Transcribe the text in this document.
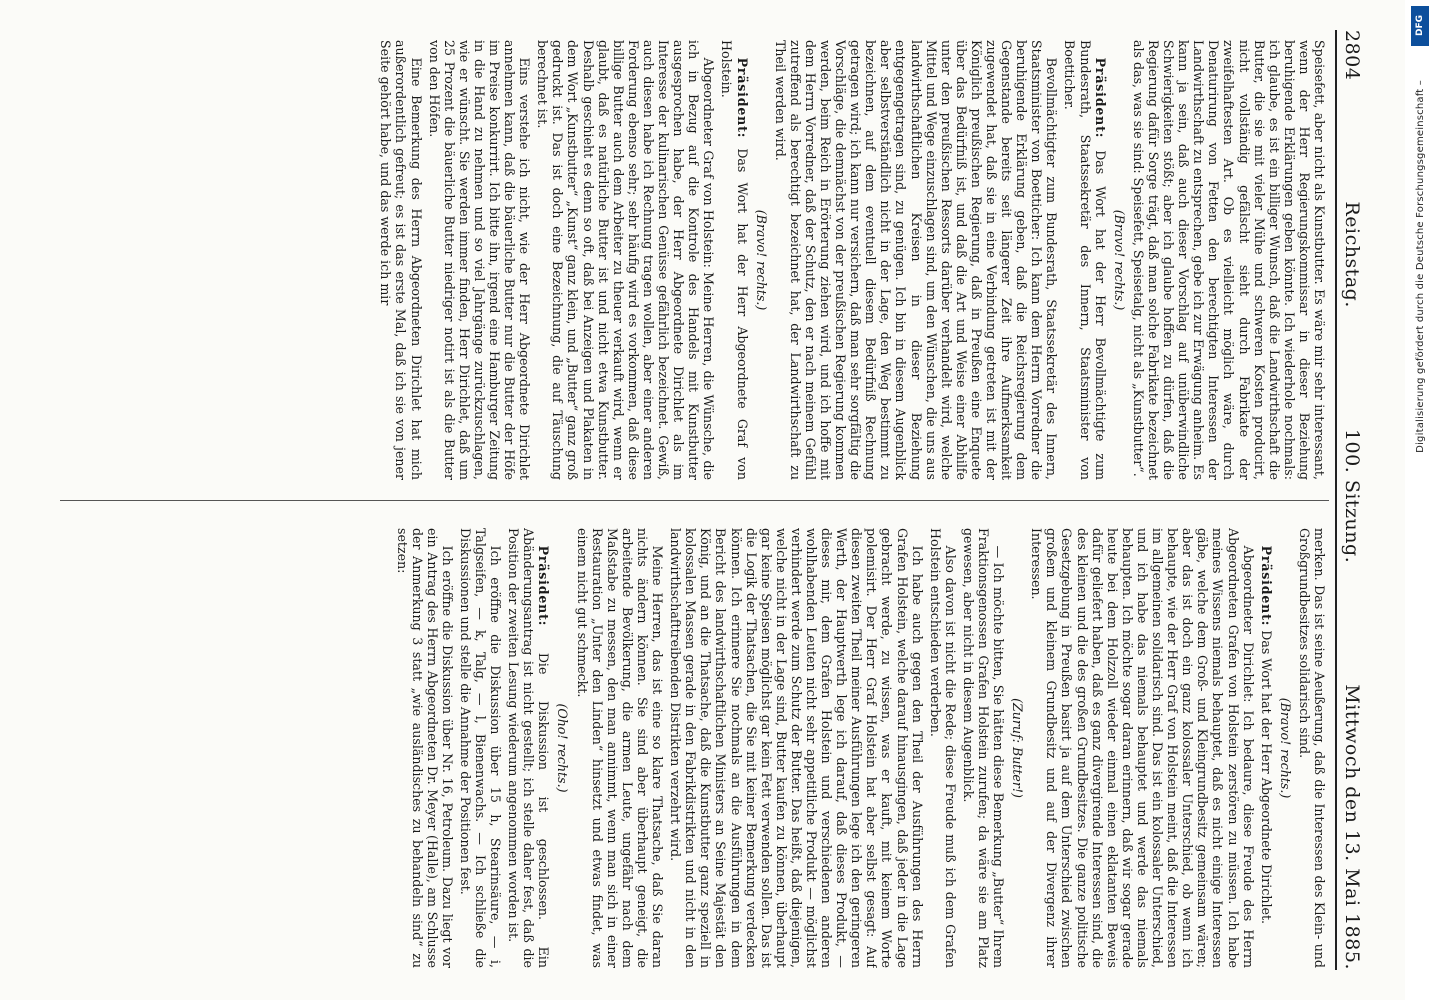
2804
Reichstag.
100. Sitzung.
Mittwoch den 13. Mai 1885.

Speisefett, aber nicht als Kunstbutter. Es wäre mir sehr interessant, wenn der Herr Regierungskommissar in dieser Beziehung beruhigende Erklärungen geben könnte. Ich wiederhole nochmals: ich glaube, es ist ein billiger Wunsch, daß die Landwirthschaft die Butter, die sie mit vieler Mühe und schweren Kosten producirt, nicht vollständig gefälscht sieht durch Fabrikate der zweifelhaftesten Art. Ob es vielleicht möglich wäre, durch Denaturirung von Fetten den berechtigten Interessen der Landwirthschaft zu entsprechen, gebe ich zur Erwägung anheim. Es kann ja sein, daß auch dieser Vorschlag auf unüberwindliche Schwierigkeiten stößt; aber ich glaube hoffen zu dürfen, daß die Regierung dafür Sorge trägt, daß man solche Fabrikate bezeichnet als das, was sie sind: Speisefett, Speisetalg, nicht als „Kunstbutter“.

(Bravo! rechts.)

Präsident: Das Wort hat der Herr Bevollmächtigte zum Bundesrath, Staatssekretär des Innern, Staatsminister von Boetticher.

Bevollmächtigter zum Bundesrath, Staatssekretär des Innern, Staatsminister von Boetticher: Ich kann dem Herrn Vorredner die beruhigende Erklärung geben, daß die Reichsregierung dem Gegenstande bereits seit längerer Zeit ihre Aufmerksamkeit zugewendet hat, daß sie in eine Verbindung getreten ist mit der Königlich preußischen Regierung, daß in Preußen eine Enquete über das Bedürfniß ist, und daß die Art und Weise einer Abhilfe unter den preußischen Ressorts darüber verhandelt wird, welche Mittel und Wege einzuschlagen sind, um den Wünschen, die uns aus landwirthschaftlichen Kreisen in dieser Beziehung entgegengetragen sind, zu genügen. Ich bin in diesem Augenblick aber selbstverständlich nicht in der Lage, den Weg bestimmt zu bezeichnen, auf dem eventuell diesem Bedürfniß Rechnung getragen wird; ich kann nur versichern, daß man sehr sorgfältig die Vorschläge, die demnächst von der preußischen Regierung kommen werden, beim Reich in Erörterung ziehen wird, und ich hoffe mit dem Herrn Vorredner, daß der Schutz, den er nach meinem Gefühl zutreffend als berechtigt bezeichnet hat, der Landwirthschaft zu Theil werden wird.

(Bravo! rechts.)

Präsident: Das Wort hat der Herr Abgeordnete Graf von Holstein.

Abgeordneter Graf von Holstein: Meine Herren, die Wünsche, die ich in Bezug auf die Kontrole des Handels mit Kunstbutter ausgesprochen habe, der Herr Abgeordnete Dirichlet als im Interesse der kulinarischen Genüsse gefährlich bezeichnet. Gewiß, auch diesen habe ich Rechnung tragen wollen, aber einer anderen Forderung ebenso sehr; sehr häufig wird es vorkommen, daß diese billige Butter auch dem Arbeiter zu theuer verkauft wird, wenn er glaubt, daß es natürliche Butter ist und nicht etwa Kunstbutter. Deshalb geschieht es denn so oft, daß bei Anzeigen und Plakaten in dem Wort „Kunstbutter“ „Kunst“ ganz klein, und „Butter“ ganz groß gedruckt ist. Das ist doch eine Bezeichnung, die auf Täuschung berechnet ist.

Eins verstehe ich nicht, wie der Herr Abgeordnete Dirichlet annehmen kann, daß die bäuerliche Butter nur die Butter der Höfe im Preise konkurrirt. Ich bitte ihn, irgend eine Hamburger Zeitung in die Hand zu nehmen und so viel Jahrgänge zurückzuschlagen, wie er wünscht. Sie werden immer finden, Herr Dirichlet, daß um 25 Prozent die bäuerliche Butter niedriger notirt ist als die Butter von den Höfen.

Eine Bemerkung des Herrn Abgeordneten Dirichlet hat mich außerordentlich gefreut; es ist das erste Mal, daß ich sie von jener Seite gehört habe, und das werde ich mir

merken. Das ist seine Aeußerung, daß die Interessen des Klein- und Großgrundbesitzes solidarisch sind.

(Bravo! rechts.)

Präsident: Das Wort hat der Herr Abgeordnete Dirichlet.

Abgeordneter Dirichlet: Ich bedaure, diese Freude des Herrn Abgeordneten Grafen von Holstein zerstören zu müssen. Ich habe meines Wissens niemals behauptet, daß es nicht einige Interessen gäbe, welche dem Groß- und Kleingrundbesitz gemeinsam wären; aber das ist doch ein ganz kolossaler Unterschied, ob wenn ich behaupte, wie der Herr Graf von Holstein meint, daß die Interessen im allgemeinen solidarisch sind. Das ist ein kolossaler Unterschied, und ich habe das niemals behauptet und werde das niemals behaupten. Ich möchte sogar daran erinnern, daß wir sogar gerade heute bei dem Holzzoll wieder einmal einen eklatanten Beweis dafür geliefert haben, daß es ganz divergirende Interessen sind, die des kleinen und die des großen Grundbesitzes. Die ganze politische Gesetzgebung in Preußen basirt ja auf dem Unterschied zwischen großem und kleinem Grundbesitz und auf der Divergenz ihrer Interessen.

(Zuruf: Butter!)

— Ich möchte bitten, Sie hätten diese Bemerkung „Butter“ Ihrem Fraktionsgenossen Grafen Holstein zurufen; da wäre sie am Platz gewesen, aber nicht in diesem Augenblick.

Also davon ist nicht die Rede; diese Freude muß ich dem Grafen Holstein entschieden verderben.

Ich habe auch gegen den Theil der Ausführungen des Herrn Grafen Holstein, welche darauf hinausgingen, daß jeder in die Lage gebracht werde, zu wissen, was er kauft, mit keinem Worte polemisirt. Der Herr Graf Holstein hat aber selbst gesagt: Auf diesen zweiten Theil meiner Ausführungen lege ich den geringeren Werth, der Hauptwerth lege ich darauf, daß dieses Produkt, — dieses mir, dem Grafen Holstein und verschiedenen anderen wohlhabenden Leuten nicht sehr appetitliche Produkt — möglichst verhindert werde zum Schutz der Butter. Das heißt, daß diejenigen, welche nicht in der Lage sind, Butter kaufen zu können, überhaupt gar keine Speisen möglichst gar kein Fett verwenden sollen. Das ist die Logik der Thatsachen, die Sie mit keiner Bemerkung verdecken können. Ich erinnere Sie nochmals an die Ausführungen in dem Bericht des landwirthschaftlichen Ministers an Seine Majestät den König, und an die Thatsache, daß die Kunstbutter ganz speziell in kolossalen Massen gerade in den Fabrikdistrikten und nicht in den landwirthschafttreibenden Distrikten verzehrt wird.

Meine Herren, das ist eine so klare Thatsache, daß Sie daran nichts ändern können. Sie sind aber überhaupt geneigt, die arbeitende Bevölkerung, die armen Leute, ungefähr nach dem Maßstabe zu messen, den man annimmt, wenn man sich in einer Restauration „Unter den Linden“ hinsetzt und etwas findet, was einem nicht gut schmeckt.

(Oho! rechts.)

Präsident: Die Diskussion ist geschlossen. Ein Abänderungsantrag ist nicht gestellt; ich stelle daher fest, daß die Position der zweiten Lesung wiederum angenommen worden ist.

Ich eröffne die Diskussion über 15 h, Stearinsäure, — i, Talgseifen, — k, Talg, — l, Bienenwachs. — Ich schließe die Diskussionen und stelle die Annahme der Positionen fest.

Ich eröffne die Diskussion über Nr. 16, Petroleum. Dazu liegt vor ein Antrag des Herrn Abgeordneten Dr. Meyer (Halle), am Schlusse der Anmerkung 3 statt „wie ausländisches zu behandeln sind“ zu setzen:

DFG
Digitalisierung gefördert durch die Deutsche Forschungsgemeinschaft –
